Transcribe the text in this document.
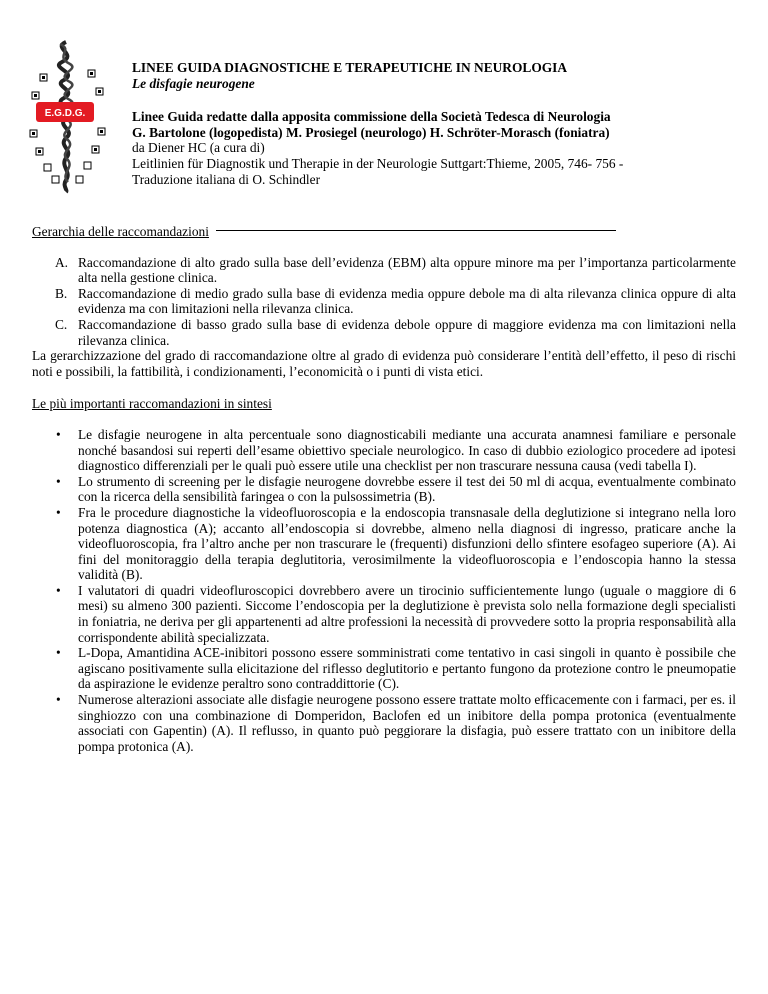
E.G.D.G.

LINEE GUIDA DIAGNOSTICHE E TERAPEUTICHE IN NEUROLOGIA

Le disfagie neurogene

Linee Guida redatte dalla apposita commissione della Società Tedesca di Neurologia

G. Bartolone (logopedista) M. Prosiegel (neurologo) H. Schröter-Morasch (foniatra)

da Diener HC (a cura di)

Leitlinien für Diagnostik und Therapie in der Neurologie Suttgart:Thieme, 2005, 746- 756 -

Traduzione italiana di O. Schindler

Gerarchia delle raccomandazioni

A. Raccomandazione di alto grado sulla base dell’evidenza (EBM) alta oppure minore ma per l’importanza particolarmente alta nella gestione clinica.
B. Raccomandazione di medio grado sulla base di evidenza media oppure debole ma di alta rilevanza clinica oppure di alta evidenza ma con limitazioni nella rilevanza clinica.
C. Raccomandazione di basso grado sulla base di evidenza debole oppure di maggiore evidenza ma con limitazioni nella rilevanza clinica.

La gerarchizzazione del grado di raccomandazione oltre al grado di evidenza può considerare l’entità dell’effetto, il peso di rischi noti e possibili, la fattibilità, i condizionamenti, l’economicità o i punti di vista etici.

Le più importanti raccomandazioni in sintesi

• Le disfagie neurogene in alta percentuale sono diagnosticabili mediante una accurata anamnesi familiare e personale nonché basandosi sui reperti dell’esame obiettivo speciale neurologico. In caso di dubbio eziologico procedere ad ipotesi diagnostico differenziali per le quali può essere utile una checklist per non trascurare nessuna causa (vedi tabella I).
• Lo strumento di screening per le disfagie neurogene dovrebbe essere il test dei 50 ml di acqua, eventualmente combinato con la ricerca della sensibilità faringea o con la pulsossimetria (B).
• Fra le procedure diagnostiche la videofluoroscopia e la endoscopia transnasale della deglutizione si integrano nella loro potenza diagnostica (A); accanto all’endoscopia si dovrebbe, almeno nella diagnosi di ingresso, praticare anche la videofluoroscopia, fra l’altro anche per non trascurare le (frequenti) disfunzioni dello sfintere esofageo superiore (A). Ai fini del monitoraggio della terapia deglutitoria, verosimilmente la videofluoroscopia e l’endoscopia hanno la stessa validità (B).
• I valutatori di quadri videofluroscopici dovrebbero avere un tirocinio sufficientemente lungo (uguale o maggiore di 6 mesi) su almeno 300 pazienti. Siccome l’endoscopia per la deglutizione è prevista solo nella formazione degli specialisti in foniatria, ne deriva per gli appartenenti ad altre professioni la necessità di provvedere sotto la propria responsabilità alla corrispondente abilità specializzata.
• L-Dopa, Amantidina ACE-inibitori possono essere somministrati come tentativo in casi singoli in quanto è possibile che agiscano positivamente sulla elicitazione del riflesso deglutitorio e pertanto fungono da protezione contro le pneumopatie da aspirazione le evidenze peraltro sono contraddittorie (C).
• Numerose alterazioni associate alle disfagie neurogene possono essere trattate molto efficacemente con i farmaci, per es. il singhiozzo con una combinazione di Domperidon, Baclofen ed un inibitore della pompa protonica (eventualmente associati con Gapentin) (A). Il reflusso, in quanto può peggiorare la disfagia, può essere trattato con un inibitore della pompa protonica (A).
